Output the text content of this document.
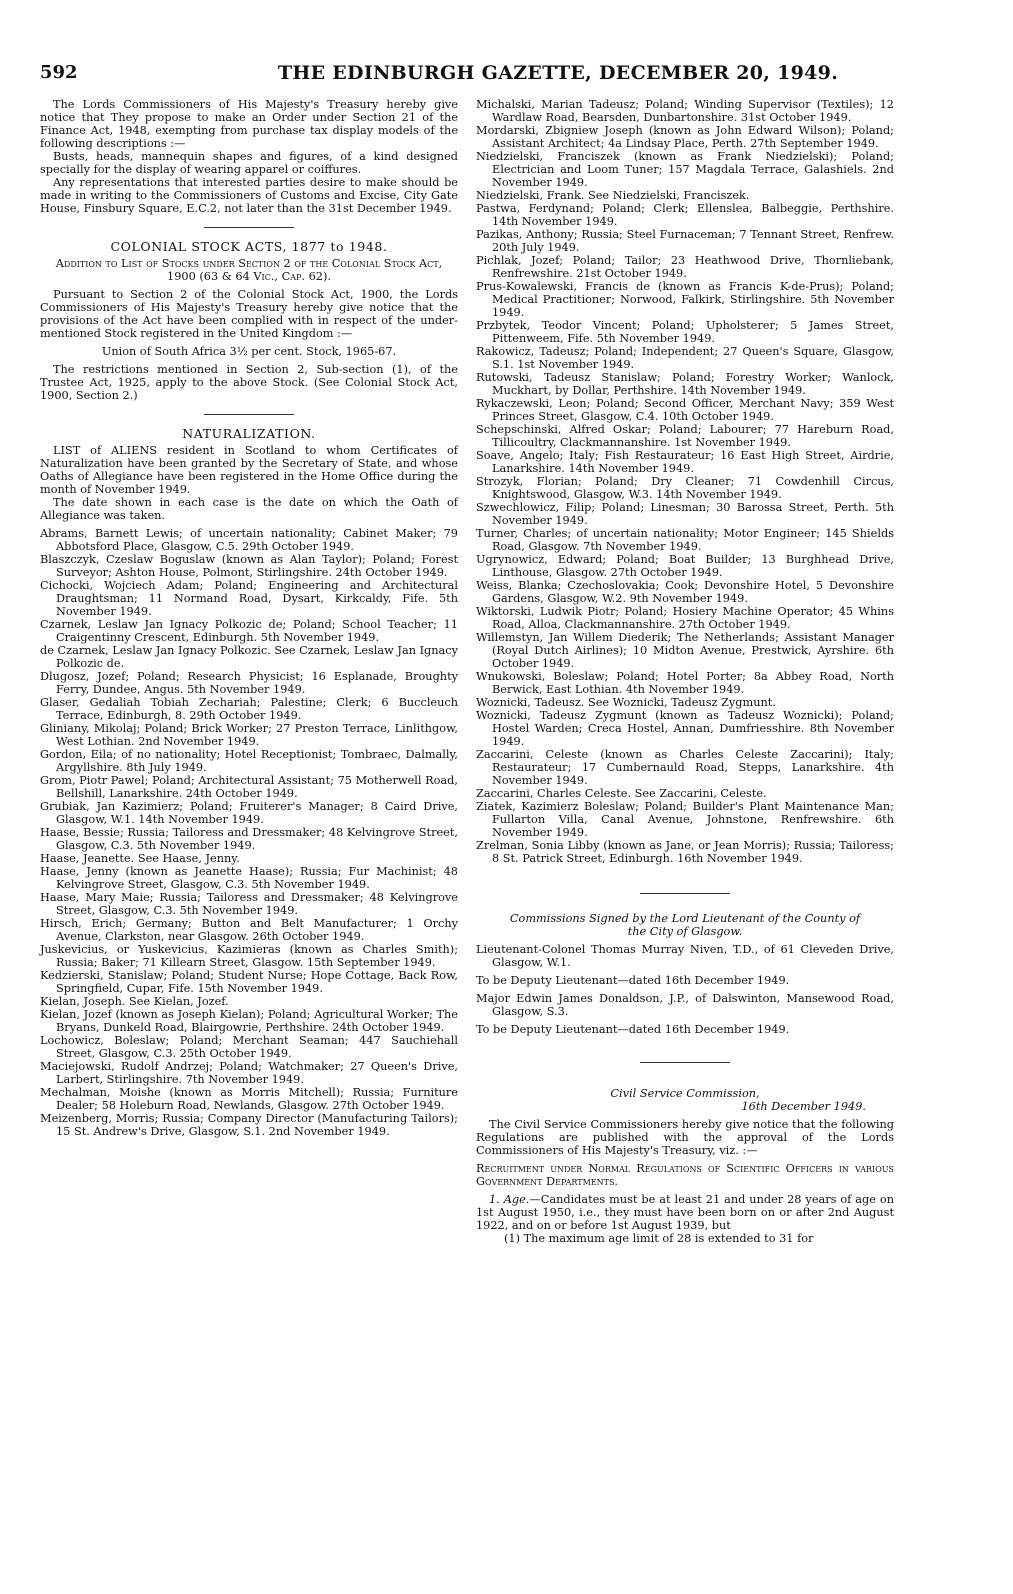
592	THE EDINBURGH GAZETTE, DECEMBER 20, 1949.

The Lords Commissioners of His Majesty's Treasury hereby give notice that They propose to make an Order under Section 21 of the Finance Act, 1948, exempting from purchase tax display models of the following descriptions :—

Busts, heads, mannequin shapes and figures, of a kind designed specially for the display of wearing apparel or coiffures.

Any representations that interested parties desire to make should be made in writing to the Commissioners of Customs and Excise, City Gate House, Finsbury Square, E.C.2, not later than the 31st December 1949.

COLONIAL STOCK ACTS, 1877 to 1948.

Addition to List of Stocks under Section 2 of the Colonial Stock Act, 1900 (63 & 64 Vic., Cap. 62).

Pursuant to Section 2 of the Colonial Stock Act, 1900, the Lords Commissioners of His Majesty's Treasury hereby give notice that the provisions of the Act have been complied with in respect of the under-mentioned Stock registered in the United Kingdom :—

Union of South Africa 3½ per cent. Stock, 1965-67.

The restrictions mentioned in Section 2, Sub-section (1), of the Trustee Act, 1925, apply to the above Stock. (See Colonial Stock Act, 1900, Section 2.)

NATURALIZATION.

LIST of ALIENS resident in Scotland to whom Certificates of Naturalization have been granted by the Secretary of State, and whose Oaths of Allegiance have been registered in the Home Office during the month of November 1949.

The date shown in each case is the date on which the Oath of Allegiance was taken.

Abrams, Barnett Lewis; of uncertain nationality; Cabinet Maker; 79 Abbotsford Place, Glasgow, C.5. 29th October 1949.

Blaszczyk, Czeslaw Boguslaw (known as Alan Taylor); Poland; Forest Surveyor; Ashton House, Polmont, Stirlingshire. 24th October 1949.

Cichocki, Wojciech Adam; Poland; Engineering and Architectural Draughtsman; 11 Normand Road, Dysart, Kirkcaldy, Fife. 5th November 1949.

Czarnek, Leslaw Jan Ignacy Polkozic de; Poland; School Teacher; 11 Craigentinny Crescent, Edinburgh. 5th November 1949.

de Czarnek, Leslaw Jan Ignacy Polkozic. See Czarnek, Leslaw Jan Ignacy Polkozic de.

Dlugosz, Jozef; Poland; Research Physicist; 16 Esplanade, Broughty Ferry, Dundee, Angus. 5th November 1949.

Glaser, Gedaliah Tobiah Zechariah; Palestine; Clerk; 6 Buccleuch Terrace, Edinburgh, 8. 29th October 1949.

Gliniany, Mikolaj; Poland; Brick Worker; 27 Preston Terrace, Linlithgow, West Lothian. 2nd November 1949.

Gordon, Eila; of no nationality; Hotel Receptionist; Tombraec, Dalmally, Argyllshire. 8th July 1949.

Grom, Piotr Pawel; Poland; Architectural Assistant; 75 Motherwell Road, Bellshill, Lanarkshire. 24th October 1949.

Grubiak, Jan Kazimierz; Poland; Fruiterer's Manager; 8 Caird Drive, Glasgow, W.1. 14th November 1949.

Haase, Bessie; Russia; Tailoress and Dressmaker; 48 Kelvingrove Street, Glasgow, C.3. 5th November 1949.

Haase, Jeanette. See Haase, Jenny.

Haase, Jenny (known as Jeanette Haase); Russia; Fur Machinist; 48 Kelvingrove Street, Glasgow, C.3. 5th November 1949.

Haase, Mary Maie; Russia; Tailoress and Dressmaker; 48 Kelvingrove Street, Glasgow, C.3. 5th November 1949.

Hirsch, Erich; Germany; Button and Belt Manufacturer; 1 Orchy Avenue, Clarkston, near Glasgow. 26th October 1949.

Juskevicius, or Yuskevicius, Kazimieras (known as Charles Smith); Russia; Baker; 71 Killearn Street, Glasgow. 15th September 1949.

Kedzierski, Stanislaw; Poland; Student Nurse; Hope Cottage, Back Row, Springfield, Cupar, Fife. 15th November 1949.

Kielan, Joseph. See Kielan, Jozef.

Kielan, Jozef (known as Joseph Kielan); Poland; Agricultural Worker; The Bryans, Dunkeld Road, Blairgowrie, Perthshire. 24th October 1949.

Lochowicz, Boleslaw; Poland; Merchant Seaman; 447 Sauchiehall Street, Glasgow, C.3. 25th October 1949.

Maciejowski, Rudolf Andrzej; Poland; Watchmaker; 27 Queen's Drive, Larbert, Stirlingshire. 7th November 1949.

Mechalman, Moishe (known as Morris Mitchell); Russia; Furniture Dealer; 58 Holeburn Road, Newlands, Glasgow. 27th October 1949.

Meizenberg, Morris; Russia; Company Director (Manufacturing Tailors); 15 St. Andrew's Drive, Glasgow, S.1. 2nd November 1949.

Michalski, Marian Tadeusz; Poland; Winding Supervisor (Textiles); 12 Wardlaw Road, Bearsden, Dunbartonshire. 31st October 1949.

Mordarski, Zbigniew Joseph (known as John Edward Wilson); Poland; Assistant Architect; 4a Lindsay Place, Perth. 27th September 1949.

Niedzielski, Franciszek (known as Frank Niedzielski); Poland; Electrician and Loom Tuner; 157 Magdala Terrace, Galashiels. 2nd November 1949.

Niedzielski, Frank. See Niedzielski, Franciszek.

Pastwa, Ferdynand; Poland; Clerk; Ellenslea, Balbeggie, Perthshire. 14th November 1949.

Pazikas, Anthony; Russia; Steel Furnaceman; 7 Tennant Street, Renfrew. 20th July 1949.

Pichlak, Jozef; Poland; Tailor; 23 Heathwood Drive, Thornliebank, Renfrewshire. 21st October 1949.

Prus-Kowalewski, Francis de (known as Francis K-de-Prus); Poland; Medical Practitioner; Norwood, Falkirk, Stirlingshire. 5th November 1949.

Przbytek, Teodor Vincent; Poland; Upholsterer; 5 James Street, Pittenweem, Fife. 5th November 1949.

Rakowicz, Tadeusz; Poland; Independent; 27 Queen's Square, Glasgow, S.1. 1st November 1949.

Rutowski, Tadeusz Stanislaw; Poland; Forestry Worker; Wanlock, Muckhart, by Dollar, Perthshire. 14th November 1949.

Rykaczewski, Leon; Poland; Second Officer, Merchant Navy; 359 West Princes Street, Glasgow, C.4. 10th October 1949.

Schepschinski, Alfred Oskar; Poland; Labourer; 77 Hareburn Road, Tillicoultry, Clackmannanshire. 1st November 1949.

Soave, Angelo; Italy; Fish Restaurateur; 16 East High Street, Airdrie, Lanarkshire. 14th November 1949.

Strozyk, Florian; Poland; Dry Cleaner; 71 Cowdenhill Circus, Knightswood, Glasgow, W.3. 14th November 1949.

Szwechlowicz, Filip; Poland; Linesman; 30 Barossa Street, Perth. 5th November 1949.

Turner, Charles; of uncertain nationality; Motor Engineer; 145 Shields Road, Glasgow. 7th November 1949.

Ugrynowicz, Edward; Poland; Boat Builder; 13 Burghhead Drive, Linthouse, Glasgow. 27th October 1949.

Weiss, Blanka; Czechoslovakia; Cook; Devonshire Hotel, 5 Devonshire Gardens, Glasgow, W.2. 9th November 1949.

Wiktorski, Ludwik Piotr; Poland; Hosiery Machine Operator; 45 Whins Road, Alloa, Clackmannanshire. 27th October 1949.

Willemstyn, Jan Willem Diederik; The Netherlands; Assistant Manager (Royal Dutch Airlines); 10 Midton Avenue, Prestwick, Ayrshire. 6th October 1949.

Wnukowski, Boleslaw; Poland; Hotel Porter; 8a Abbey Road, North Berwick, East Lothian. 4th November 1949.

Woznicki, Tadeusz. See Woznicki, Tadeusz Zygmunt.

Woznicki, Tadeusz Zygmunt (known as Tadeusz Woznicki); Poland; Hostel Warden; Creca Hostel, Annan, Dumfriesshire. 8th November 1949.

Zaccarini, Celeste (known as Charles Celeste Zaccarini); Italy; Restaurateur; 17 Cumbernauld Road, Stepps, Lanarkshire. 4th November 1949.

Zaccarini, Charles Celeste. See Zaccarini, Celeste.

Ziatek, Kazimierz Boleslaw; Poland; Builder's Plant Maintenance Man; Fullarton Villa, Canal Avenue, Johnstone, Renfrewshire. 6th November 1949.

Zrelman, Sonia Libby (known as Jane, or Jean Morris); Russia; Tailoress; 8 St. Patrick Street, Edinburgh. 16th November 1949.

Commissions Signed by the Lord Lieutenant of the County of the City of Glasgow.

Lieutenant-Colonel Thomas Murray Niven, T.D., of 61 Cleveden Drive, Glasgow, W.1.

To be Deputy Lieutenant—dated 16th December 1949.

Major Edwin James Donaldson, J.P., of Dalswinton, Mansewood Road, Glasgow, S.3.

To be Deputy Lieutenant—dated 16th December 1949.

Civil Service Commission,

16th December 1949.

The Civil Service Commissioners hereby give notice that the following Regulations are published with the approval of the Lords Commissioners of His Majesty's Treasury, viz. :—

Recruitment under Normal Regulations of Scientific Officers in various Government Departments.

1. Age.—Candidates must be at least 21 and under 28 years of age on 1st August 1950, i.e., they must have been born on or after 2nd August 1922, and on or before 1st August 1939, but

(1) The maximum age limit of 28 is extended to 31 for
